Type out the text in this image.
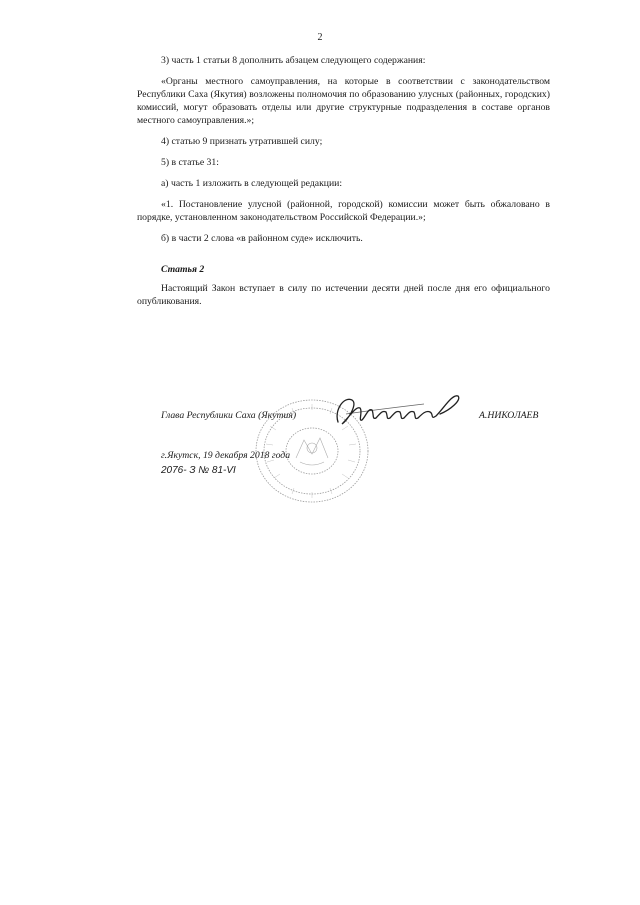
2

3) часть 1 статьи 8 дополнить абзацем следующего содержания:

«Органы местного самоуправления, на которые в соответствии с законодательством Республики Саха (Якутия) возложены полномочия по образованию улусных (районных, городских) комиссий, могут образовать отделы или другие структурные подразделения в составе органов местного самоуправления.»;

4) статью 9 признать утратившей силу;

5) в статье 31:

а) часть 1 изложить в следующей редакции:

«1. Постановление улусной (районной, городской) комиссии может быть обжаловано в порядке, установленном законодательством Российской Федерации.»;

б) в части 2 слова «в районном суде» исключить.

Статья 2

Настоящий Закон вступает в силу по истечении десяти дней после дня его официального опубликования.

Глава Республики Саха (Якутия)	А.НИКОЛАЕВ
г.Якутск, 19 декабря 2018 года
2076- З № 81-VI
